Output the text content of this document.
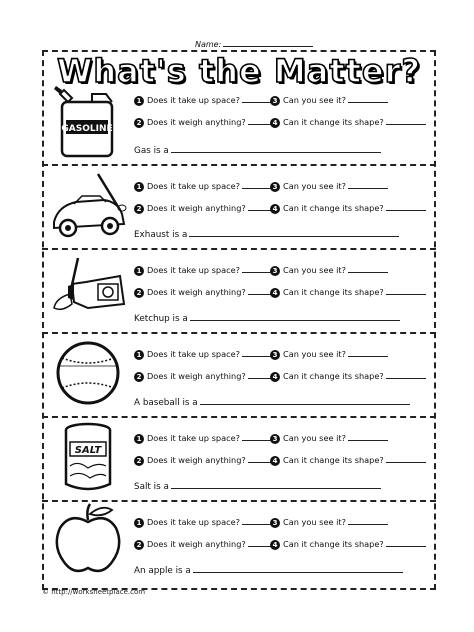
Name:
What's the Matter?
GASOLINE
1 Does it take up space?	3 Can you see it?
2 Does it weigh anything?	4 Can it change its shape?
Gas is a
1 Does it take up space?	3 Can you see it?
2 Does it weigh anything?	4 Can it change its shape?
Exhaust is a
1 Does it take up space?	3 Can you see it?
2 Does it weigh anything?	4 Can it change its shape?
Ketchup is a
1 Does it take up space?	3 Can you see it?
2 Does it weigh anything?	4 Can it change its shape?
A baseball is a
SALT
1 Does it take up space?	3 Can you see it?
2 Does it weigh anything?	4 Can it change its shape?
Salt is a
1 Does it take up space?	3 Can you see it?
2 Does it weigh anything?	4 Can it change its shape?
An apple is a
© http://worksheetplace.com
